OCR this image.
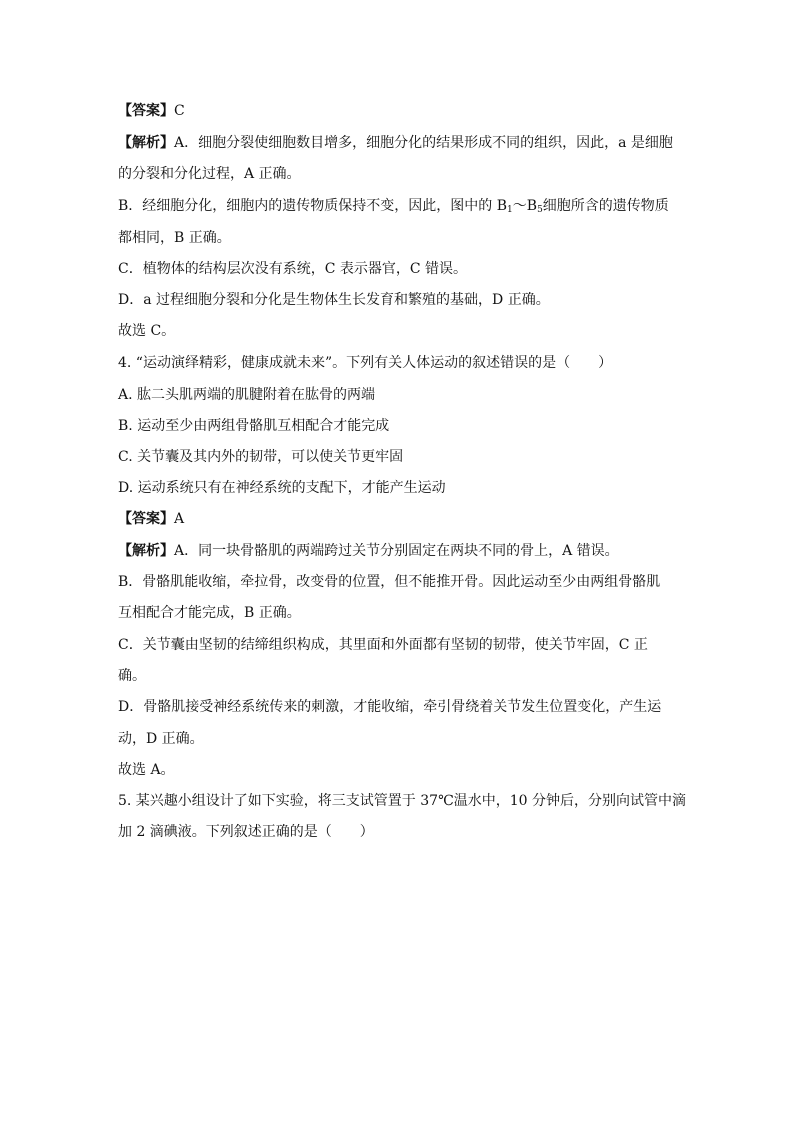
【答案】C
【解析】A．细胞分裂使细胞数目增多，细胞分化的结果形成不同的组织，因此，a 是细胞
的分裂和分化过程，A 正确。
B．经细胞分化，细胞内的遗传物质保持不变，因此，图中的 $B_1\sim B_5$细胞所含的遗传物质
都相同，B 正确。
C．植物体的结构层次没有系统，C 表示器官，C 错误。
D．a 过程细胞分裂和分化是生物体生长发育和繁殖的基础，D 正确。
故选 C。
4. “运动演绎精彩，健康成就未来”。下列有关人体运动的叙述错误的是（　　）
A. 肱二头肌两端的肌腱附着在肱骨的两端
B. 运动至少由两组骨骼肌互相配合才能完成
C. 关节囊及其内外的韧带，可以使关节更牢固
D. 运动系统只有在神经系统的支配下，才能产生运动
【答案】A
【解析】A．同一块骨骼肌的两端跨过关节分别固定在两块不同的骨上，A 错误。
B．骨骼肌能收缩，牵拉骨，改变骨的位置，但不能推开骨。因此运动至少由两组骨骼肌
互相配合才能完成，B 正确。
C．关节囊由坚韧的结缔组织构成，其里面和外面都有坚韧的韧带，使关节牢固，C 正
确。
D．骨骼肌接受神经系统传来的刺激，才能收缩，牵引骨绕着关节发生位置变化，产生运
动，D 正确。
故选 A。
5. 某兴趣小组设计了如下实验，将三支试管置于 37℃温水中，10 分钟后，分别向试管中滴
加 2 滴碘液。下列叙述正确的是（　　）
